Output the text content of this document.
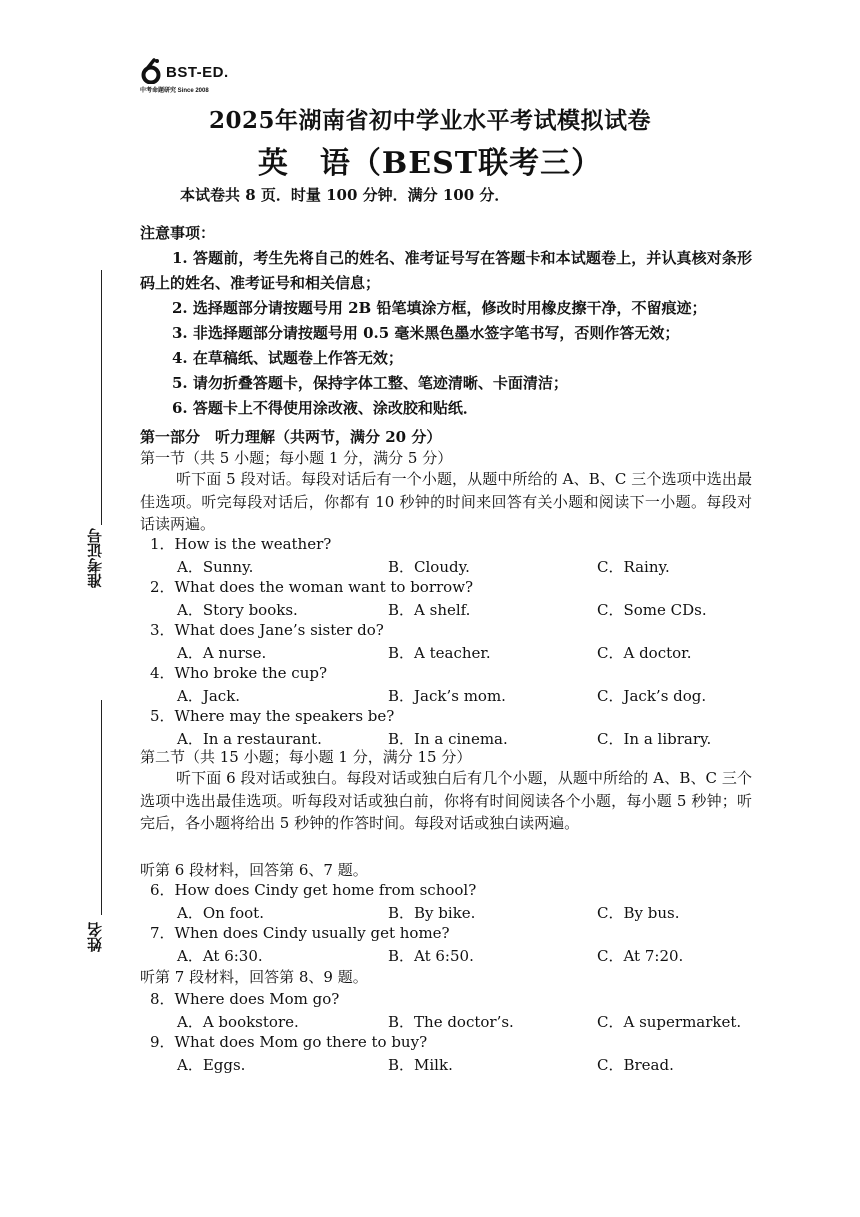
BST-ED.
中考命题研究 Since 2008
2025年湖南省初中学业水平考试模拟试卷
英　语（BEST联考三）
本试卷共 8 页．时量 100 分钟．满分 100 分．
注意事项：
1. 答题前，考生先将自己的姓名、准考证号写在答题卡和本试题卷上，并认真核对条形码上的姓名、准考证号和相关信息；
2. 选择题部分请按题号用 2B 铅笔填涂方框，修改时用橡皮擦干净，不留痕迹；
3. 非选择题部分请按题号用 0.5 毫米黑色墨水签字笔书写，否则作答无效；
4. 在草稿纸、试题卷上作答无效；
5. 请勿折叠答题卡，保持字体工整、笔迹清晰、卡面清洁；
6. 答题卡上不得使用涂改液、涂改胶和贴纸．
第一部分　听力理解（共两节，满分 20 分）
第一节（共 5 小题；每小题 1 分，满分 5 分）

听下面 5 段对话。每段对话后有一个小题，从题中所给的 A、B、C 三个选项中选出最佳选项。听完每段对话后，你都有 10 秒钟的时间来回答有关小题和阅读下一小题。每段对话读两遍。

1．How is the weather?
A．Sunny.	B．Cloudy.	C．Rainy.
2．What does the woman want to borrow?
A．Story books.	B．A shelf.	C．Some CDs.
3．What does Jane’s sister do?
A．A nurse.	B．A teacher.	C．A doctor.
4．Who broke the cup?
A．Jack.	B．Jack’s mom.	C．Jack’s dog.
5．Where may the speakers be?
A．In a restaurant.	B．In a cinema.	C．In a library.
第二节（共 15 小题；每小题 1 分，满分 15 分）

听下面 6 段对话或独白。每段对话或独白后有几个小题，从题中所给的 A、B、C 三个选项中选出最佳选项。听每段对话或独白前，你将有时间阅读各个小题，每小题 5 秒钟；听完后，各小题将给出 5 秒钟的作答时间。每段对话或独白读两遍。

听第 6 段材料，回答第 6、7 题。
6．How does Cindy get home from school?
A．On foot.	B．By bike.	C．By bus.
7．When does Cindy usually get home?
A．At 6:30.	B．At 6:50.	C．At 7:20.
听第 7 段材料，回答第 8、9 题。
8．Where does Mom go?
A．A bookstore.	B．The doctor’s.	C．A supermarket.
9．What does Mom go there to buy?
A．Eggs.	B．Milk.	C．Bread.
准考证号
姓名
